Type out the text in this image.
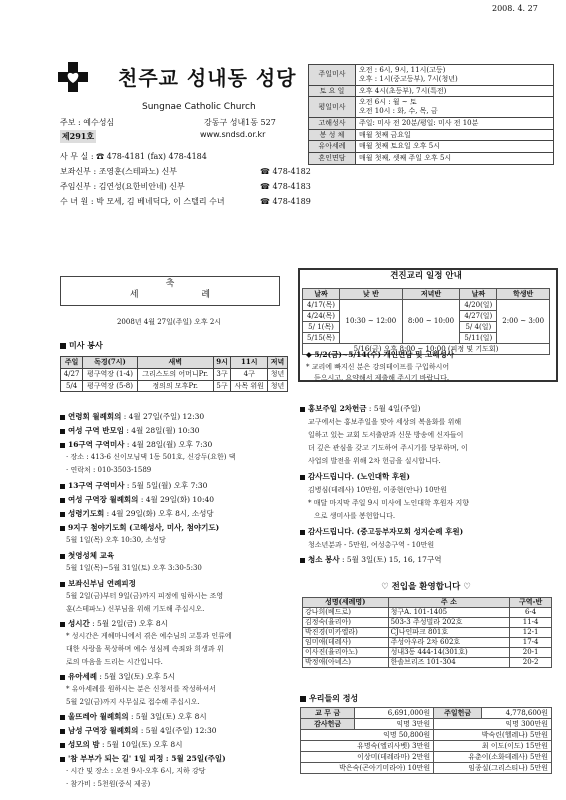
2008. 4. 27
천주교 성내동 성당
Sungnae Catholic Church
주보 : 예수성심	강동구 성내1동 527
제291호	www.sndsd.or.kr
사 무 실 : ☎ 478-4181 (fax) 478-4184
보좌신부 : 조영훈(스테파노) 신부	☎ 478-4182
주임신부 : 김연성(요한비안네) 신부	☎ 478-4183
수 녀 원 : 박 모세, 김 베네딕다, 이 스텔리 수녀	☎ 478-4189
주일미사	오전 : 6시, 9시, 11시(고등)
오후 : 1시(중고등부), 7시(청년)

토 요 일	오후 4시(초등부), 7시(특전)
평일미사	오전 6시 : 월 ~ 토
오전 10시 : 화, 수, 목, 금

고해성사	주일: 미사 전 20분/평일: 미사 전 10분
봉 성 체	매월 첫째 금요일
유아세례	매월 첫째 토요일 오후 5시
혼인면담	매월 첫째, 셋째 주일 오후 5시
축
세 례
2008년 4월 27일(주일) 오후 2시
미사 봉사
주일	독경(7시)	새벽	9시	11시	저녁
4/27	평구역장 (1-4)	그리스도의 어머니Pr.	3구	4구	청년
5/4	평구역장 (5-8)	정의의 모후Pr.	5구	사목 위원	청년
연령회 월례회의 : 4월 27일(주일) 12:30
여성 구역 반모임 : 4월 28일(월) 10:30
16구역 구역미사 : 4월 28일(월) 오후 7:30
· 장소 : 413-6 신이모님댁 1동 501호, 신강두(요한) 댁
· 연락처 : 010-3503-1589
13구역 구역미사 : 5월 5일(월) 오후 7:30
여성 구역장 월례회의 : 4월 29일(화) 10:40
성령기도회 : 4월 29일(화) 오후 8시, 소성당
9지구 첨야기도회 (고해성사, 미사, 첨야기도)
5월 1일(목) 오후 10:30, 소성당
첫영성체 교육
5월 1일(목)~5월 31일(토) 오후 3:30-5:30
보좌신부님 연례피정
5월 2일(금)부터 9일(금)까지 피정에 임하시는 조영
훈(스테파노) 신부님을 위해 기도해 주십시오.
성시간 : 5월 2일(금) 오후 8시
* 성시간은 게헤마니에서 겪은 예수님의 고통과 인류에
대한 사랑을 묵상하며 예수 성심께 속죄와 희생과 위
로의 마음을 드리는 시간입니다.
유아세례 : 5월 3일(토) 오후 5시
* 유아세례를 원하시는 분은 신청서를 작성하셔서
5월 2일(금)까지 사무실로 접수해 주십시오.
울뜨레아 월례회의 : 5월 3일(토) 오후 8시
남성 구역장 월례회의 : 5월 4일(주일) 12:30
성모의 밤 : 5월 10일(토) 오후 8시
'참 부부가 되는 길' 1일 피정 : 5월 25일(주일)
· 시간 및 장소 : 오전 9시-오후 6시, 지하 강당
· 참가비 : 5천원(중식 제공)
견진교리 일정 안내
날짜	낮 반	저녁반	날짜	학생반
4/17(목)	10:30 ~ 12:00	8:00 ~ 10:00	4/20(일)	2:00 ~ 3:00
4/24(목)			4/27(일)	
5/ 1(목)			5/ 4(일)	
5/15(목)			5/11(일)	
5/16(금) 오후 8:00 ~ 10:00 (피정 및 기도회)				
◆ 5/2(금)~5/14(수) 개인면담 및 고해성사
* 교리에 빠지신 분은 강의테이프를 구입하시어
듣으시고, 요약해서 제출해 주시기 바랍니다.
홍보주일 2차헌금 : 5월 4일(주일)
교구에서는 홍보주일을 맞아 세상의 복음화를 위해
일하고 있는 교회 도서출판과 신문 방송에 신자들이
더 깊은 관심을 갖고 기도하여 주시기를 당부하며, 이
사업의 발전을 위해 2차 헌금을 실시합니다.
감사드립니다. (노인대학 후원)
김병심(데레사) 10만원, 이종현(안나) 10만원
* 매달 마지막 주일 9시 미사에 노인대학 후원자 지향
으로 생미사를 봉헌합니다.
감사드립니다. (중고등부자모회 성지순례 후원)
청소년분과 - 5만원, 여성총구역 - 10만원
청소 봉사 : 5월 3일(토) 15, 16, 17구역
♡ 전입을 환영합니다 ♡
성명(세례명)	주 소	구역-반
강나희(베드로)	청구A. 101-1405	6-4
김정숙(율리아)	503-3 주성빌라 202호	11-4
박진경(미카엘라)	CJ나인파크 801호	12-1
임미애(데레사)	주성아우라 2차 602호	17-4
이사진(율리아노)	성내3동 444-14(301호)	20-1
박정애(아녜스)	한솔브리즈 101-304	20-2
우리들의 정성
교 무 금	6,691,000원	주일헌금	4,778,600원
감사헌금	익명 3만원	익명 300만원	
익명 50,800원		박숙린(헬레나) 5만원	
유명숙(엘리사벳) 3만원		최 이도(이도) 15만원	
이상미(데레라마) 2만원		유춘이(소화데레사) 5만원	
박은숙(곤아기미라아) 10만원		임종실(그리스티나) 5만원	
